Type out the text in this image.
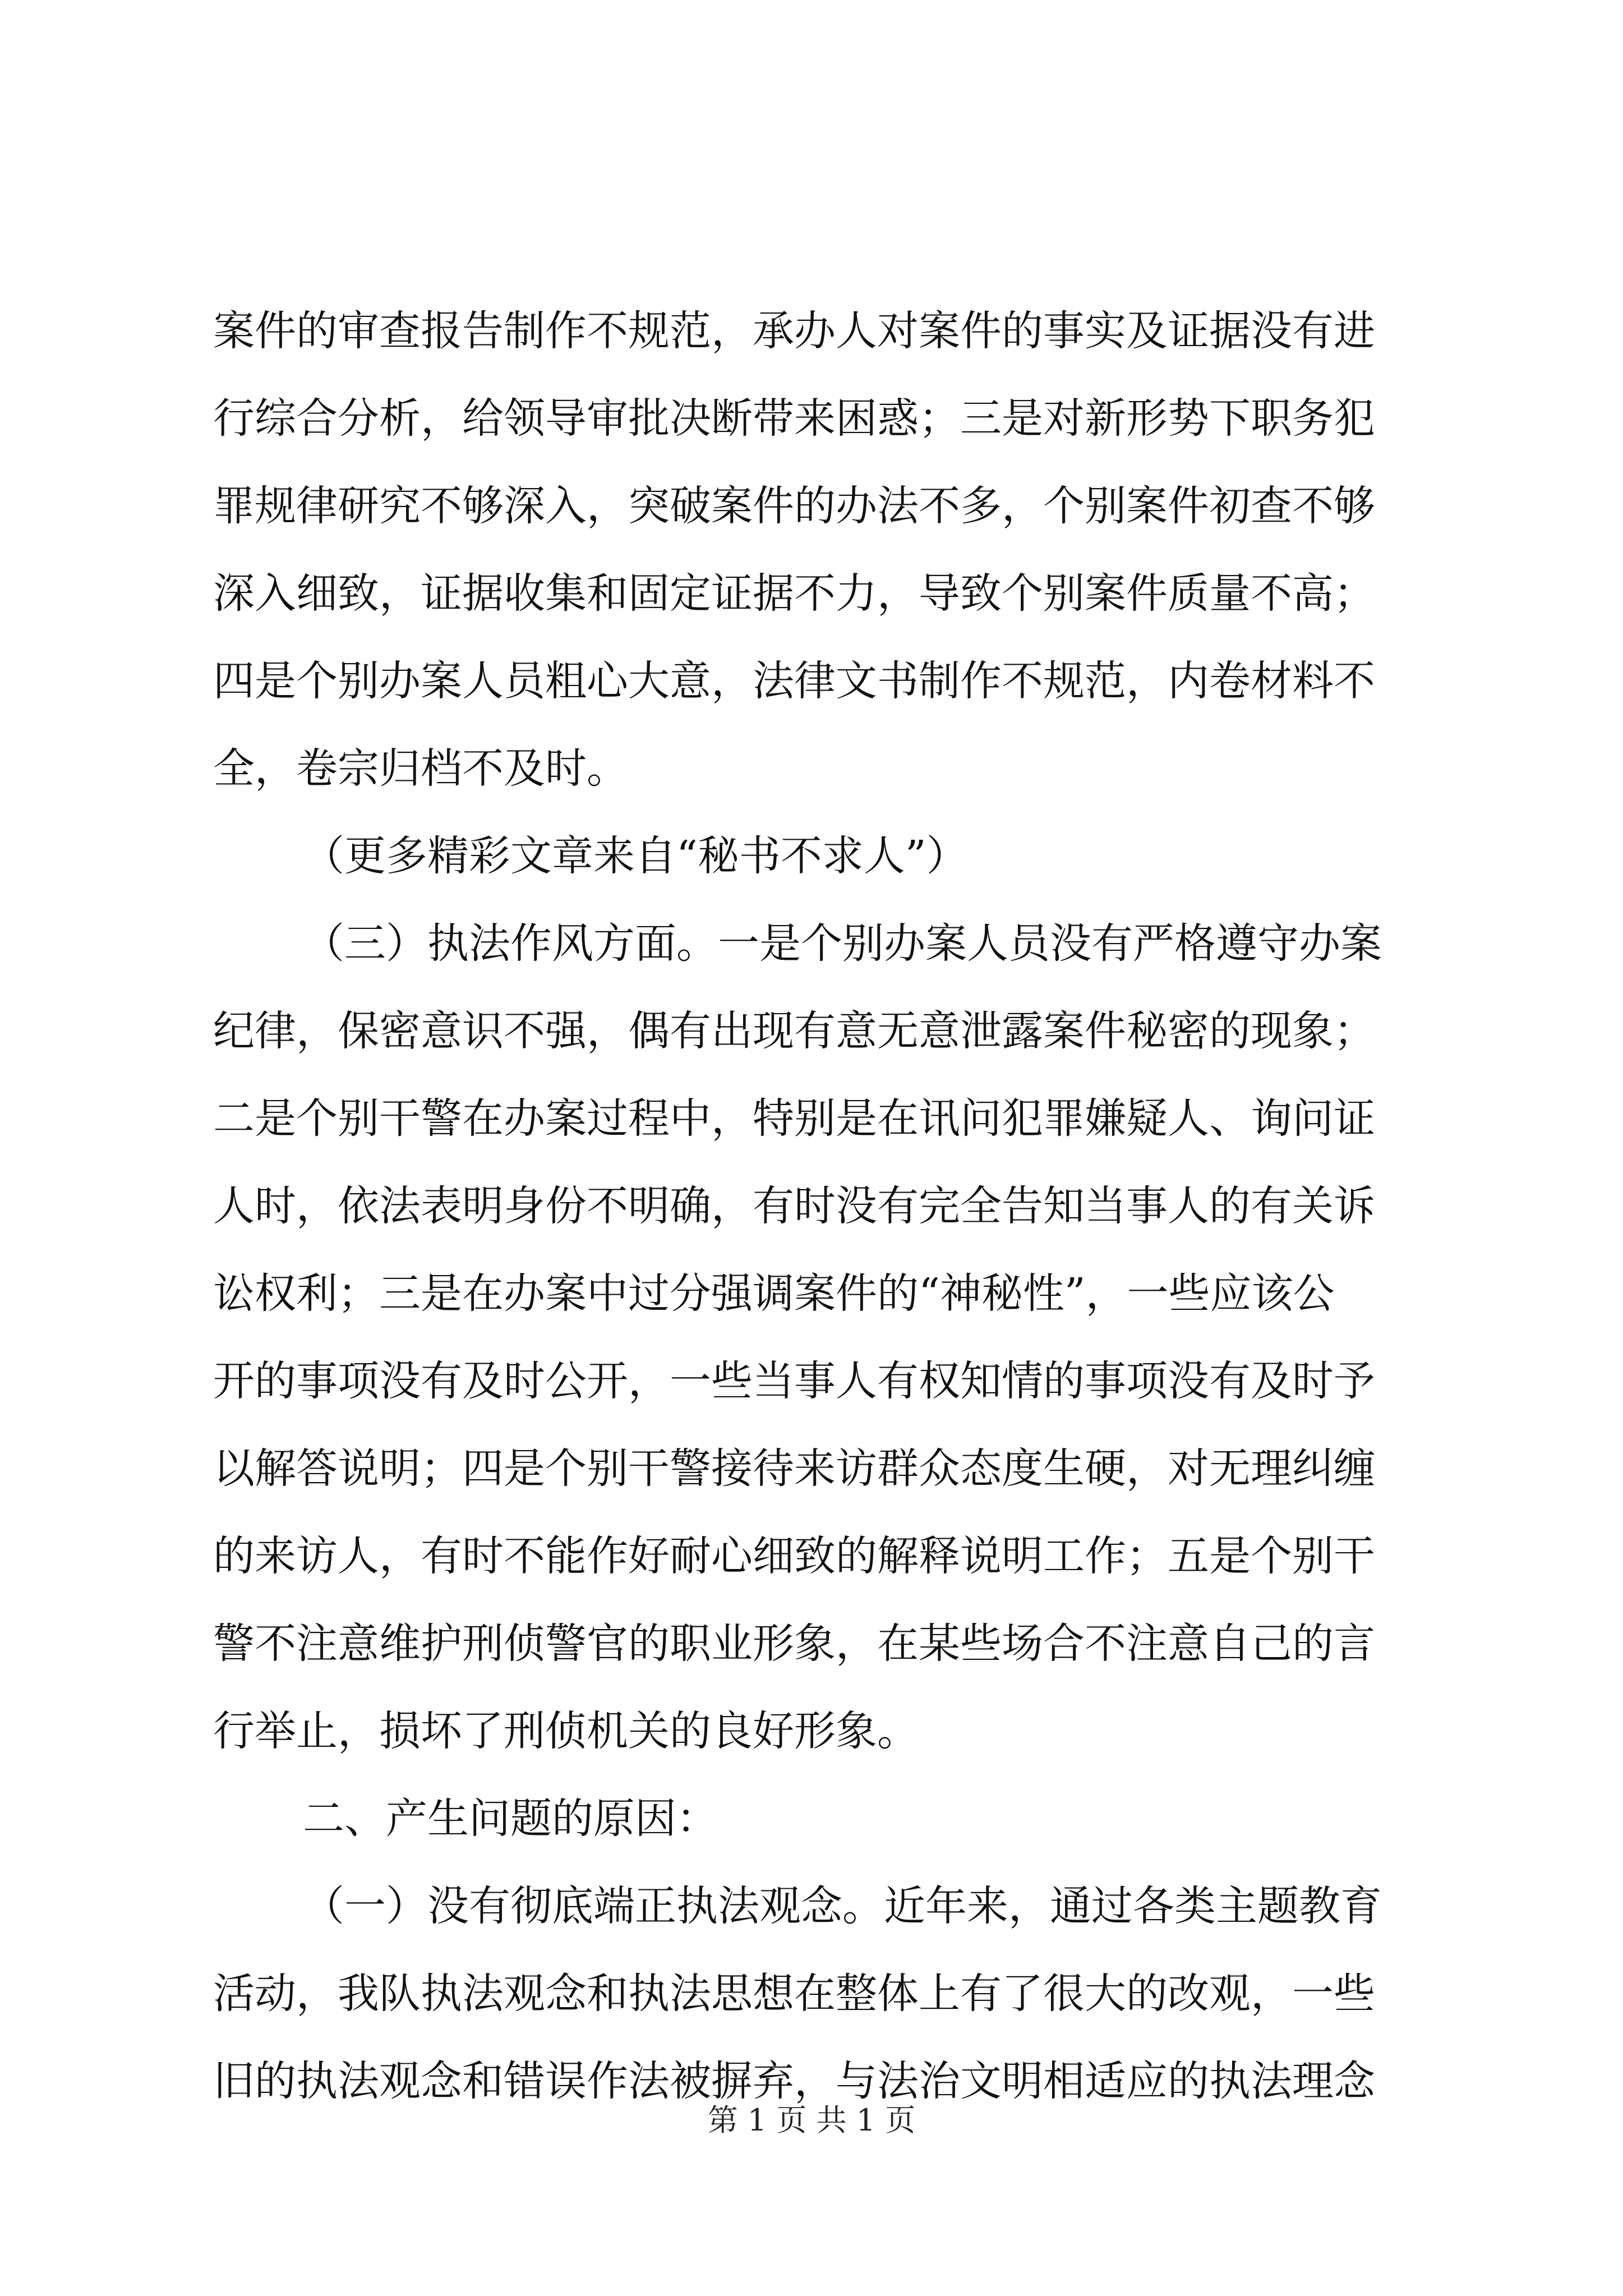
案件的审查报告制作不规范，承办人对案件的事实及证据没有进
行综合分析，给领导审批决断带来困惑；三是对新形势下职务犯
罪规律研究不够深入，突破案件的办法不多，个别案件初查不够
深入细致，证据收集和固定证据不力，导致个别案件质量不高；
四是个别办案人员粗心大意，法律文书制作不规范，内卷材料不
全，卷宗归档不及时。
（更多精彩文章来自“秘书不求人”）
（三）执法作风方面。一是个别办案人员没有严格遵守办案
纪律，保密意识不强，偶有出现有意无意泄露案件秘密的现象；
二是个别干警在办案过程中，特别是在讯问犯罪嫌疑人、询问证
人时，依法表明身份不明确，有时没有完全告知当事人的有关诉
讼权利；三是在办案中过分强调案件的“神秘性”，一些应该公
开的事项没有及时公开，一些当事人有权知情的事项没有及时予
以解答说明；四是个别干警接待来访群众态度生硬，对无理纠缠
的来访人，有时不能作好耐心细致的解释说明工作；五是个别干
警不注意维护刑侦警官的职业形象，在某些场合不注意自己的言
行举止，损坏了刑侦机关的良好形象。
二、产生问题的原因：
（一）没有彻底端正执法观念。近年来，通过各类主题教育
活动，我队执法观念和执法思想在整体上有了很大的改观，一些
旧的执法观念和错误作法被摒弃，与法治文明相适应的执法理念
第 1 页 共 1 页
